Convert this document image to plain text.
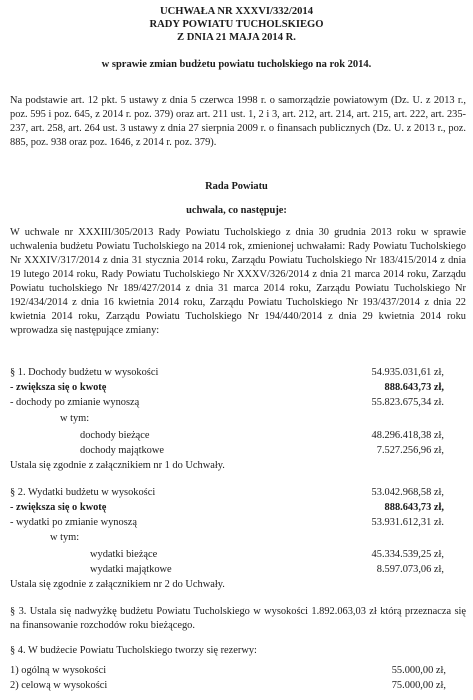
UCHWAŁA NR XXXVI/332/2014
RADY POWIATU TUCHOLSKIEGO
Z DNIA 21 MAJA 2014 R.
w sprawie zmian budżetu powiatu tucholskiego na rok 2014.

Na podstawie art. 12 pkt. 5 ustawy z dnia 5 czerwca 1998 r. o samorządzie powiatowym (Dz. U. z 2013 r., poz. 595 i poz. 645, z 2014 r. poz. 379) oraz art. 211 ust. 1, 2 i 3, art. 212, art. 214, art. 215, art. 222, art. 235-237, art. 258, art. 264 ust. 3 ustawy z dnia 27 sierpnia 2009 r. o finansach publicznych (Dz. U. z 2013 r., poz. 885, poz. 938 oraz poz. 1646, z 2014 r. poz. 379).

Rada Powiatu
uchwala, co następuje:

W uchwale nr XXXIII/305/2013 Rady Powiatu Tucholskiego z dnia 30 grudnia 2013 roku w sprawie uchwalenia budżetu Powiatu Tucholskiego na 2014 rok, zmienionej uchwałami: Rady Powiatu Tucholskiego Nr XXXIV/317/2014 z dnia 31 stycznia 2014 roku, Zarządu Powiatu Tucholskiego Nr 183/415/2014 z dnia 19 lutego 2014 roku, Rady Powiatu Tucholskiego Nr XXXV/326/2014 z dnia 21 marca 2014 roku, Zarządu Powiatu tucholskiego Nr 189/427/2014 z dnia 31 marca 2014 roku, Zarządu Powiatu Tucholskiego Nr 192/434/2014 z dnia 16 kwietnia 2014 roku, Zarządu Powiatu Tucholskiego Nr 193/437/2014 z dnia 22 kwietnia 2014 roku, Zarządu Powiatu Tucholskiego Nr 194/440/2014 z dnia 29 kwietnia 2014 roku wprowadza się następujące zmiany:

§ 1. Dochody budżetu w wysokości	54.935.031,61 zł,
- zwiększa się o kwotę	888.643,73 zł,
- dochody po zmianie wynoszą	55.823.675,34 zł.
w tym:
dochody bieżące	48.296.418,38 zł,
dochody majątkowe	7.527.256,96 zł,
Ustala się zgodnie z załącznikiem nr 1 do Uchwały.
§ 2. Wydatki budżetu w wysokości	53.042.968,58 zł,
- zwiększa się o kwotę	888.643,73 zł,
- wydatki po zmianie wynoszą	53.931.612,31 zł.
w tym:
wydatki bieżące	45.334.539,25 zł,
wydatki majątkowe	8.597.073,06 zł,
Ustala się zgodnie z załącznikiem nr 2 do Uchwały.

§ 3. Ustala się nadwyżkę budżetu Powiatu Tucholskiego w wysokości 1.892.063,03 zł którą przeznacza się na finansowanie rozchodów roku bieżącego.

§ 4. W budżecie Powiatu Tucholskiego tworzy się rezerwy:
1) ogólną w wysokości	55.000,00 zł,
2) celową w wysokości	75.000,00 zł,
